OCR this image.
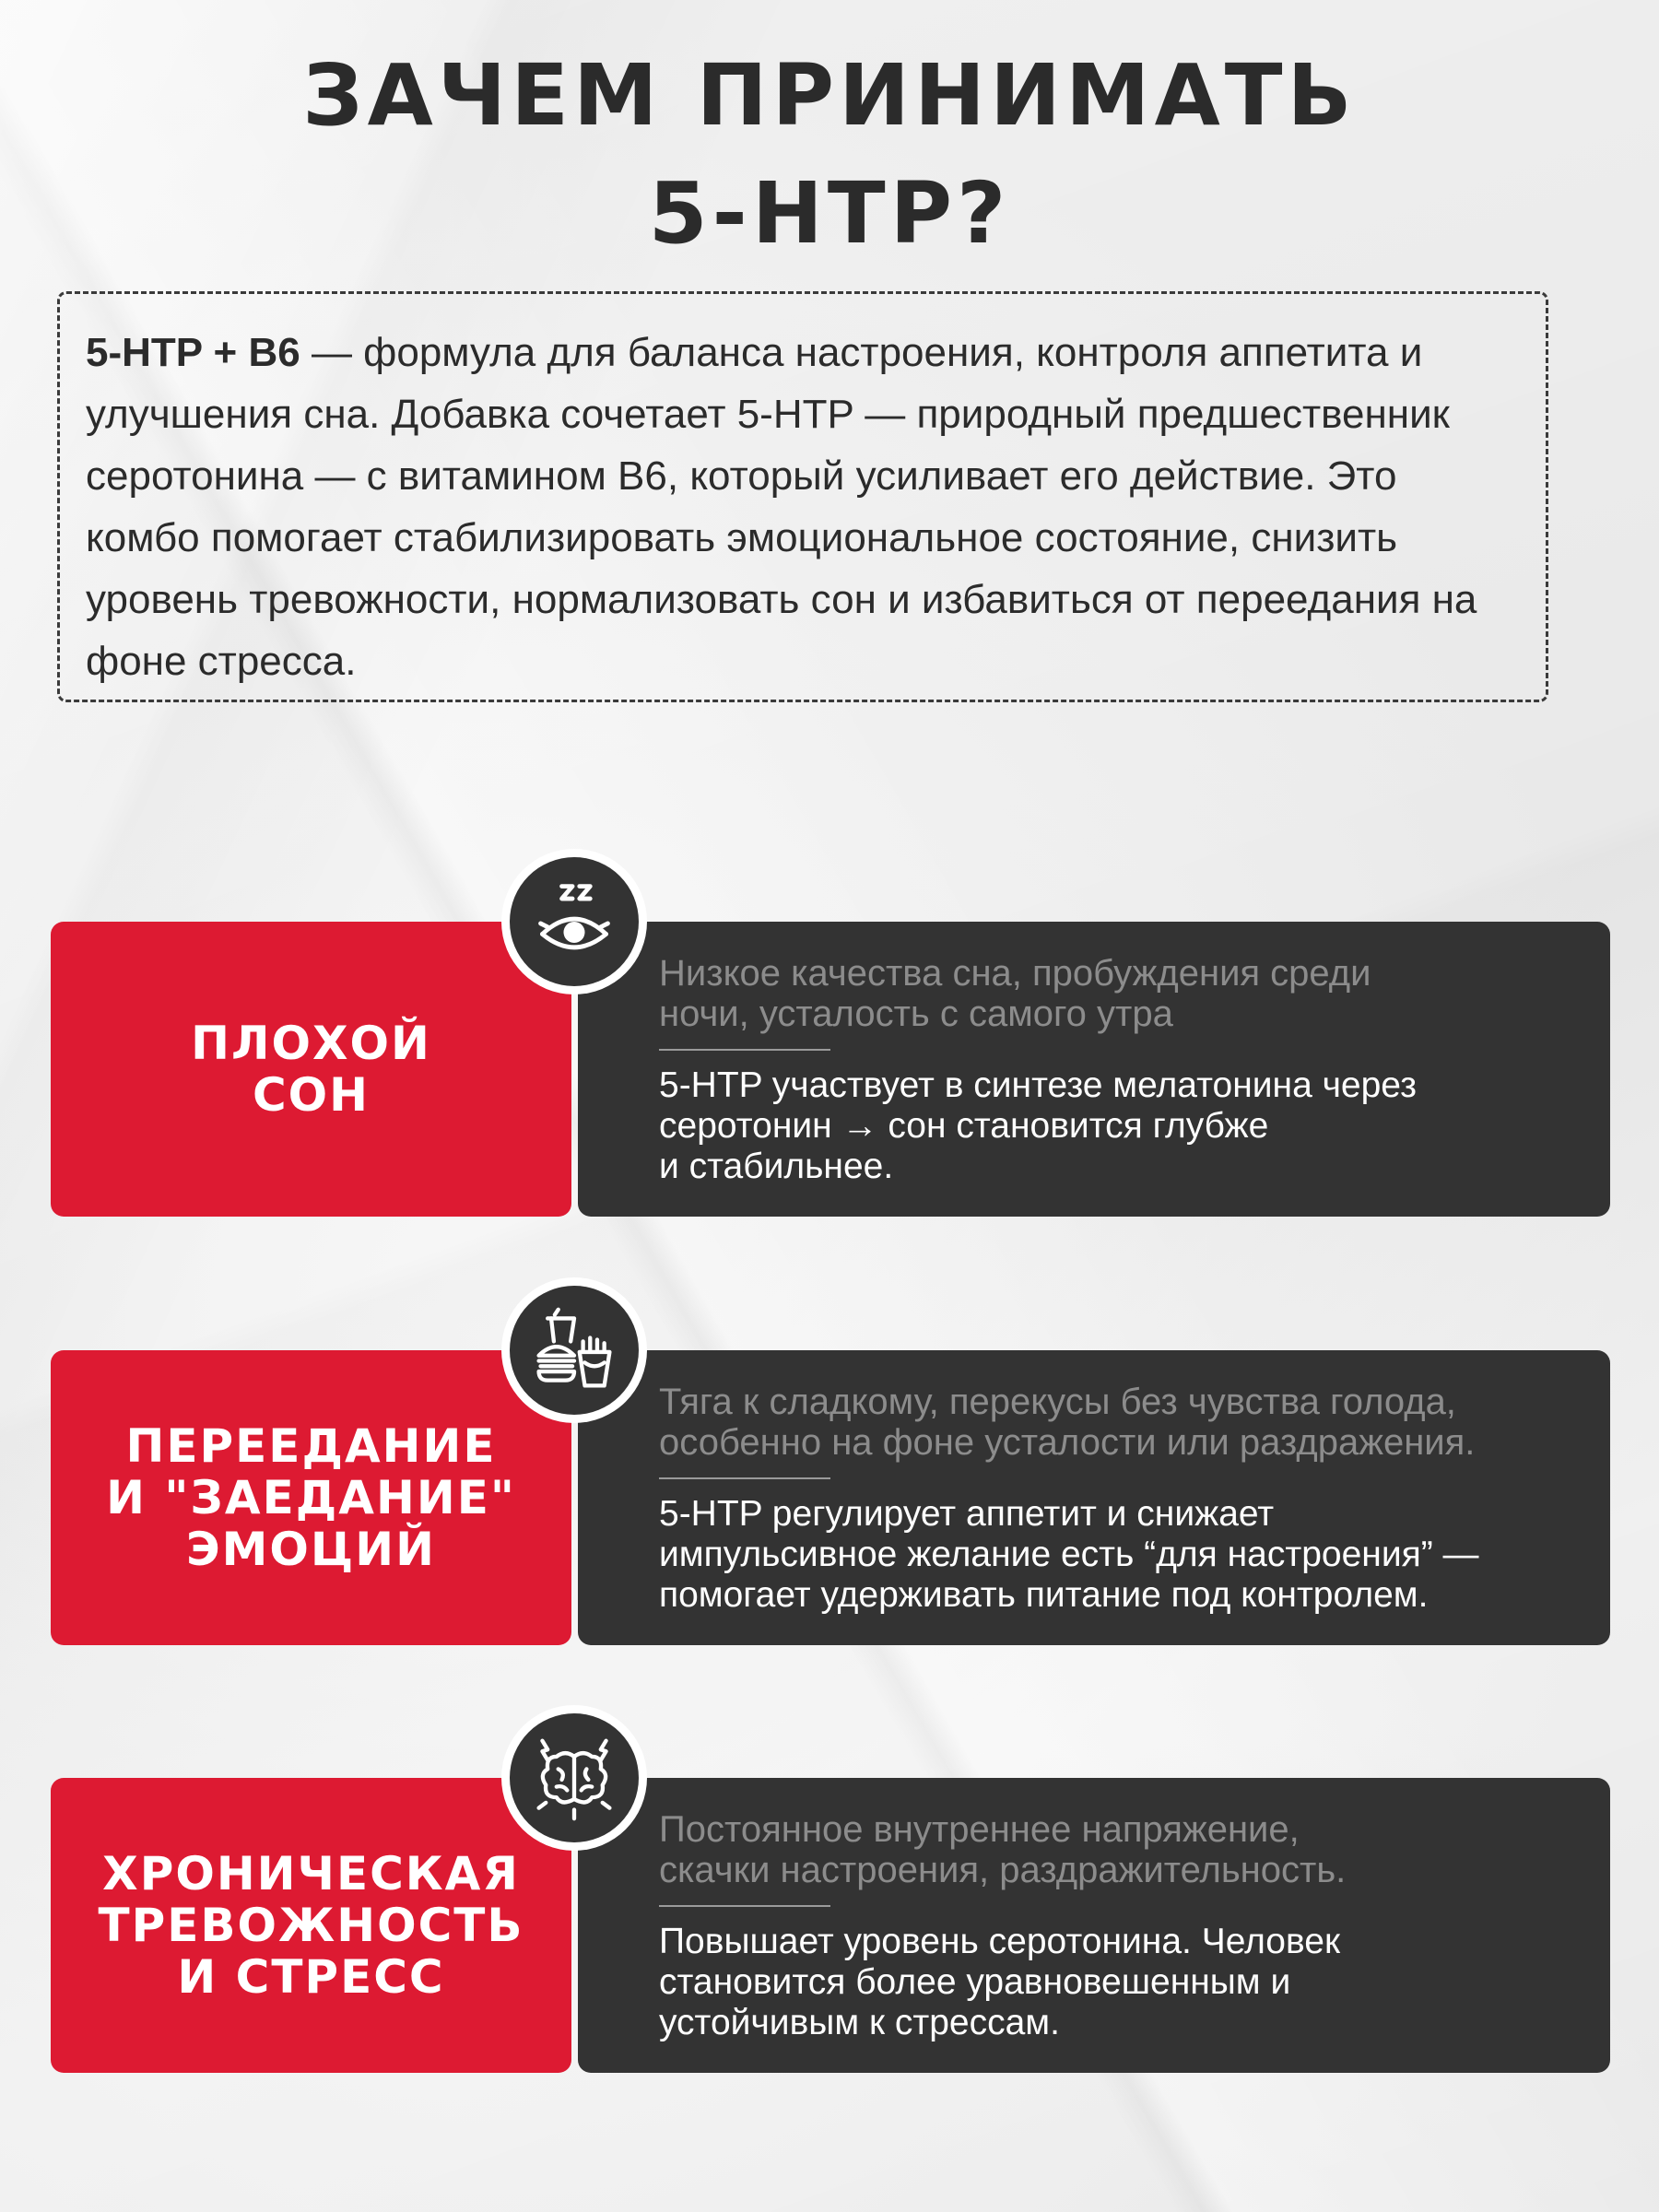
ЗАЧЕМ ПРИНИМАТЬ
5-HTP?
5-HTP + B6 — формула для баланса настроения, контроля аппетита и улучшения сна. Добавка сочетает 5-HTP — природный предшественник серотонина — с витамином B6, который усиливает его действие. Это комбо помогает стабилизировать эмоциональное состояние, снизить уровень тревожности, нормализовать сон и избавиться от переедания на фоне стресса.
ПЛОХОЙ
СОН
Низкое качества сна, пробуждения среди
ночи, усталость с самого утра
5-HTP участвует в синтезе мелатонина через
серотонин → сон становится глубже
и стабильнее.
ПЕРЕЕДАНИЕ
И "ЗАЕДАНИЕ"
ЭМОЦИЙ
Тяга к сладкому, перекусы без чувства голода,
особенно на фоне усталости или раздражения.
5-HTP регулирует аппетит и снижает
импульсивное желание есть “для настроения” —
помогает удерживать питание под контролем.
ХРОНИЧЕСКАЯ
ТРЕВОЖНОСТЬ
И СТРЕСС
Постоянное внутреннее напряжение,
скачки настроения, раздражительность.
Повышает уровень серотонина. Человек
становится более уравновешенным и
устойчивым к стрессам.
